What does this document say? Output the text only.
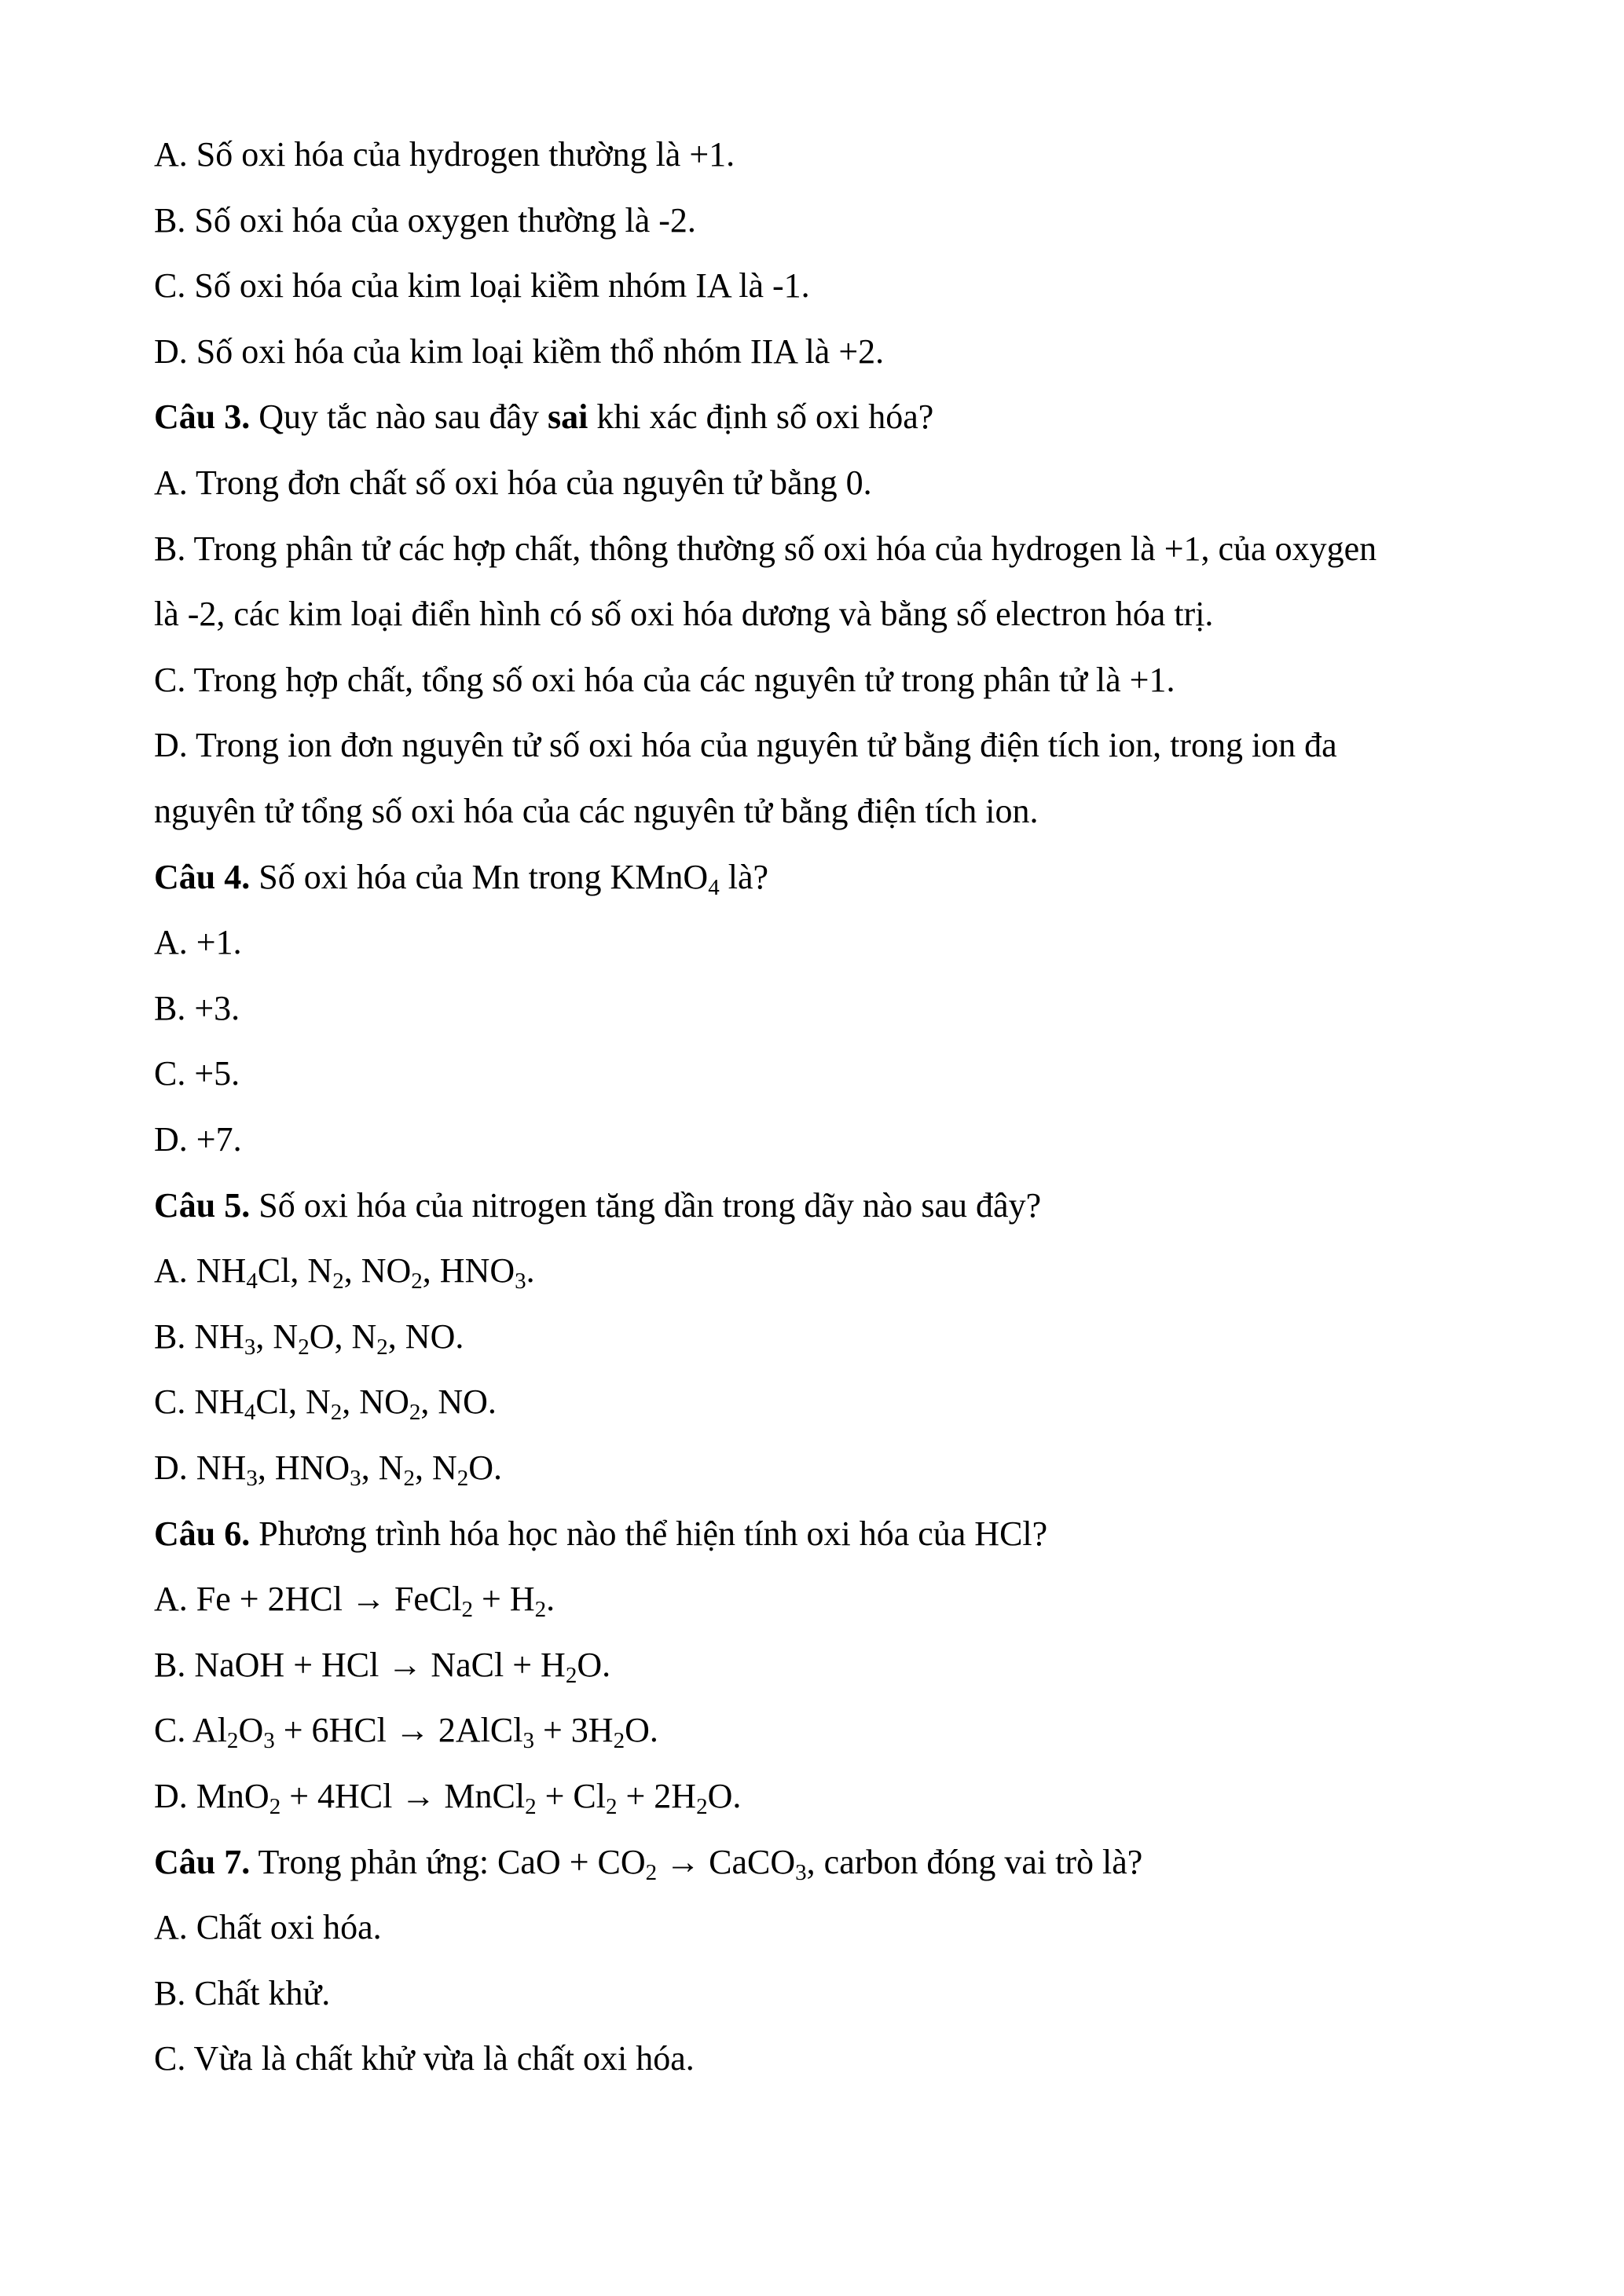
A. Số oxi hóa của hydrogen thường là +1.
B. Số oxi hóa của oxygen thường là -2.
C. Số oxi hóa của kim loại kiềm nhóm IA là -1.
D. Số oxi hóa của kim loại kiềm thổ nhóm IIA là +2.
Câu 3. Quy tắc nào sau đây sai khi xác định số oxi hóa?
A. Trong đơn chất số oxi hóa của nguyên tử bằng 0.
B. Trong phân tử các hợp chất, thông thường số oxi hóa của hydrogen là +1, của oxygen
là -2, các kim loại điển hình có số oxi hóa dương và bằng số electron hóa trị.
C. Trong hợp chất, tổng số oxi hóa của các nguyên tử trong phân tử là +1.
D. Trong ion đơn nguyên tử số oxi hóa của nguyên tử bằng điện tích ion, trong ion đa
nguyên tử tổng số oxi hóa của các nguyên tử bằng điện tích ion.
Câu 4. Số oxi hóa của Mn trong KMnO$_4$ là?
A. +1.
B. +3.
C. +5.
D. +7.
Câu 5. Số oxi hóa của nitrogen tăng dần trong dãy nào sau đây?
A. $NH_4Cl$, $N_2$, $NO_2$, $HNO_3$.
B. $NH_3$, $N_2O$, $N_2$, NO.
C. $NH_4Cl$, $N_2$, $NO_2$, NO.
D. $NH_3$, $HNO_3$, $N_2$, $N_2O$.
Câu 6. Phương trình hóa học nào thể hiện tính oxi hóa của HCl?
A. Fe + 2HCl → FeCl$_2$ + $H_2$.
B. NaOH + HCl → NaCl + $H_2O$.
C. $Al_2O_3 + 6HCl$ → 2AlCl$_3$ + $3H_2O$.
D. MnO$_2$ + 4HCl → MnCl$_2$ + $Cl_2 + 2H_2O$.
Câu 7. Trong phản ứng: CaO + $CO_2$ → CaCO$_3$, carbon đóng vai trò là?
A. Chất oxi hóa.
B. Chất khử.
C. Vừa là chất khử vừa là chất oxi hóa.
